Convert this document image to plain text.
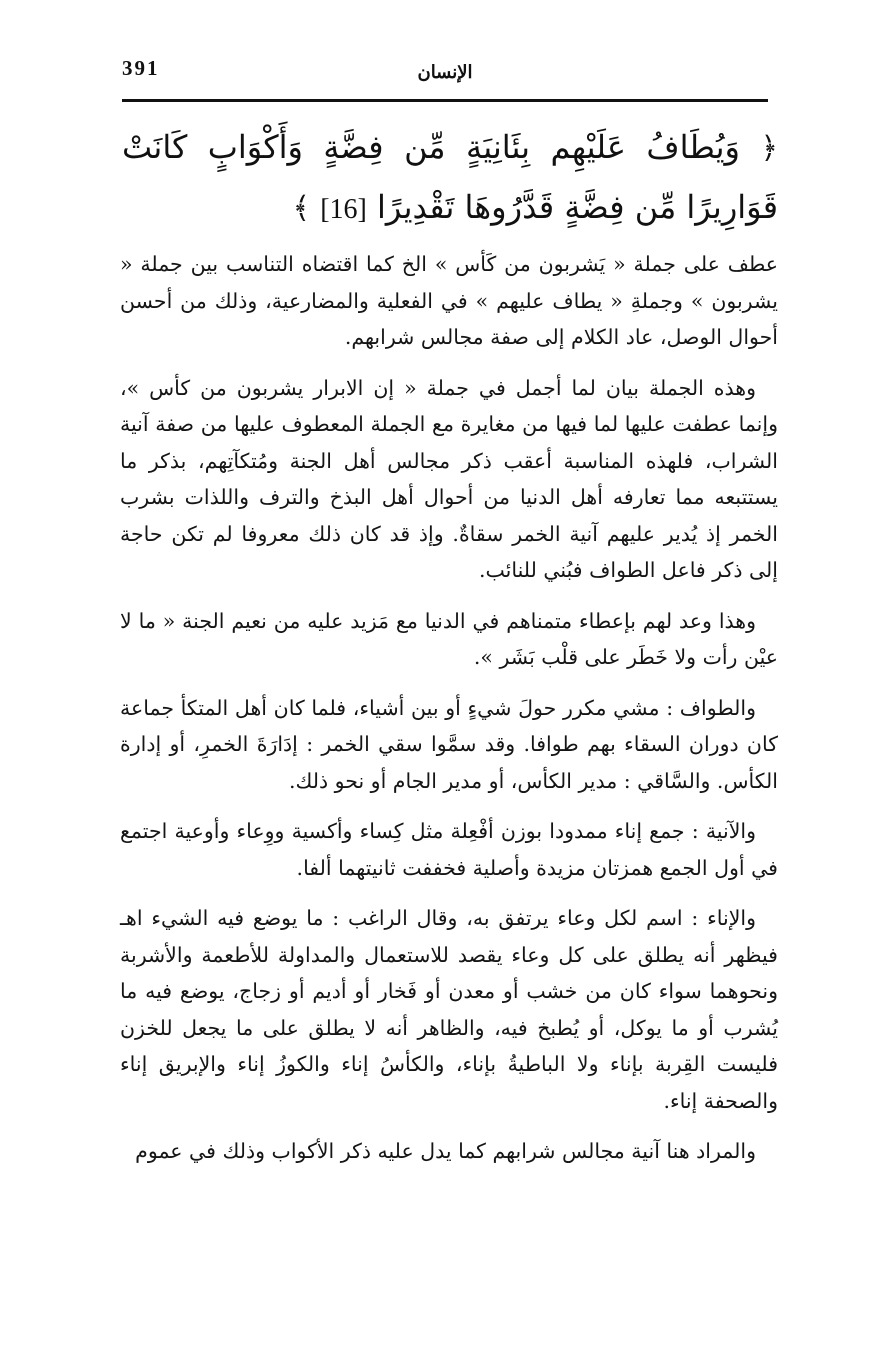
391	الإنسان
﴿ وَيُطَافُ عَلَيْهِم بِئَانِيَةٍ مِّن فِضَّةٍ وَأَكْوَابٍ كَانَتْ قَوَارِيرًا مِّن فِضَّةٍ قَدَّرُوهَا تَقْدِيرًا [16] ﴾

عطف على جملة « يَشربون من كَأس » الخ كما اقتضاه التناسب بين جملة « يشربون » وجملةِ « يطاف عليهم » في الفعلية والمضارعية، وذلك من أحسن أحوال الوصل، عاد الكلام إلى صفة مجالس شرابهم.

وهذه الجملة بيان لما أجمل في جملة « إن الابرار يشربون من كأس »، وإنما عطفت عليها لما فيها من مغايرة مع الجملة المعطوف عليها من صفة آنية الشراب، فلهذه المناسبة أعقب ذكر مجالس أهل الجنة ومُتكآتِهم، بذكر ما يستتبعه مما تعارفه أهل الدنيا من أحوال أهل البذخ والترف واللذات بشرب الخمر إذ يُدير عليهم آنية الخمر سقاةٌ. وإذ قد كان ذلك معروفا لم تكن حاجة إلى ذكر فاعل الطواف فبُني للنائب.

وهذا وعد لهم بإعطاء متمناهم في الدنيا مع مَزيد عليه من نعيم الجنة « ما لا عيْن رأت ولا خَطَر على قلْب بَشَر ».

والطواف : مشي مكرر حولَ شيءٍ أو بين أشياء، فلما كان أهل المتكأ جماعة كان دوران السقاء بهم طوافا. وقد سمَّوا سقي الخمر : إدَارَةَ الخمرِ، أو إدارة الكأس. والسَّاقي : مدير الكأس، أو مدير الجام أو نحو ذلك.

والآنية : جمع إناء ممدودا بوزن أفْعِلة مثل كِساء وأكسية ووِعاء وأوعية اجتمع في أول الجمع همزتان مزيدة وأصلية فخففت ثانيتهما ألفا.

والإناء : اسم لكل وعاء يرتفق به، وقال الراغب : ما يوضع فيه الشيء اهـ فيظهر أنه يطلق على كل وعاء يقصد للاستعمال والمداولة للأطعمة والأشربة ونحوهما سواء كان من خشب أو معدن أو فَخار أو أديم أو زجاج، يوضع فيه ما يُشرب أو ما يوكل، أو يُطبخ فيه، والظاهر أنه لا يطلق على ما يجعل للخزن فليست القِربة بإناء ولا الباطيةُ بإناء، والكأسُ إناء والكوزُ إناء والإبريق إناء والصحفة إناء.

والمراد هنا آنية مجالس شرابهم كما يدل عليه ذكر الأكواب وذلك في عموم
